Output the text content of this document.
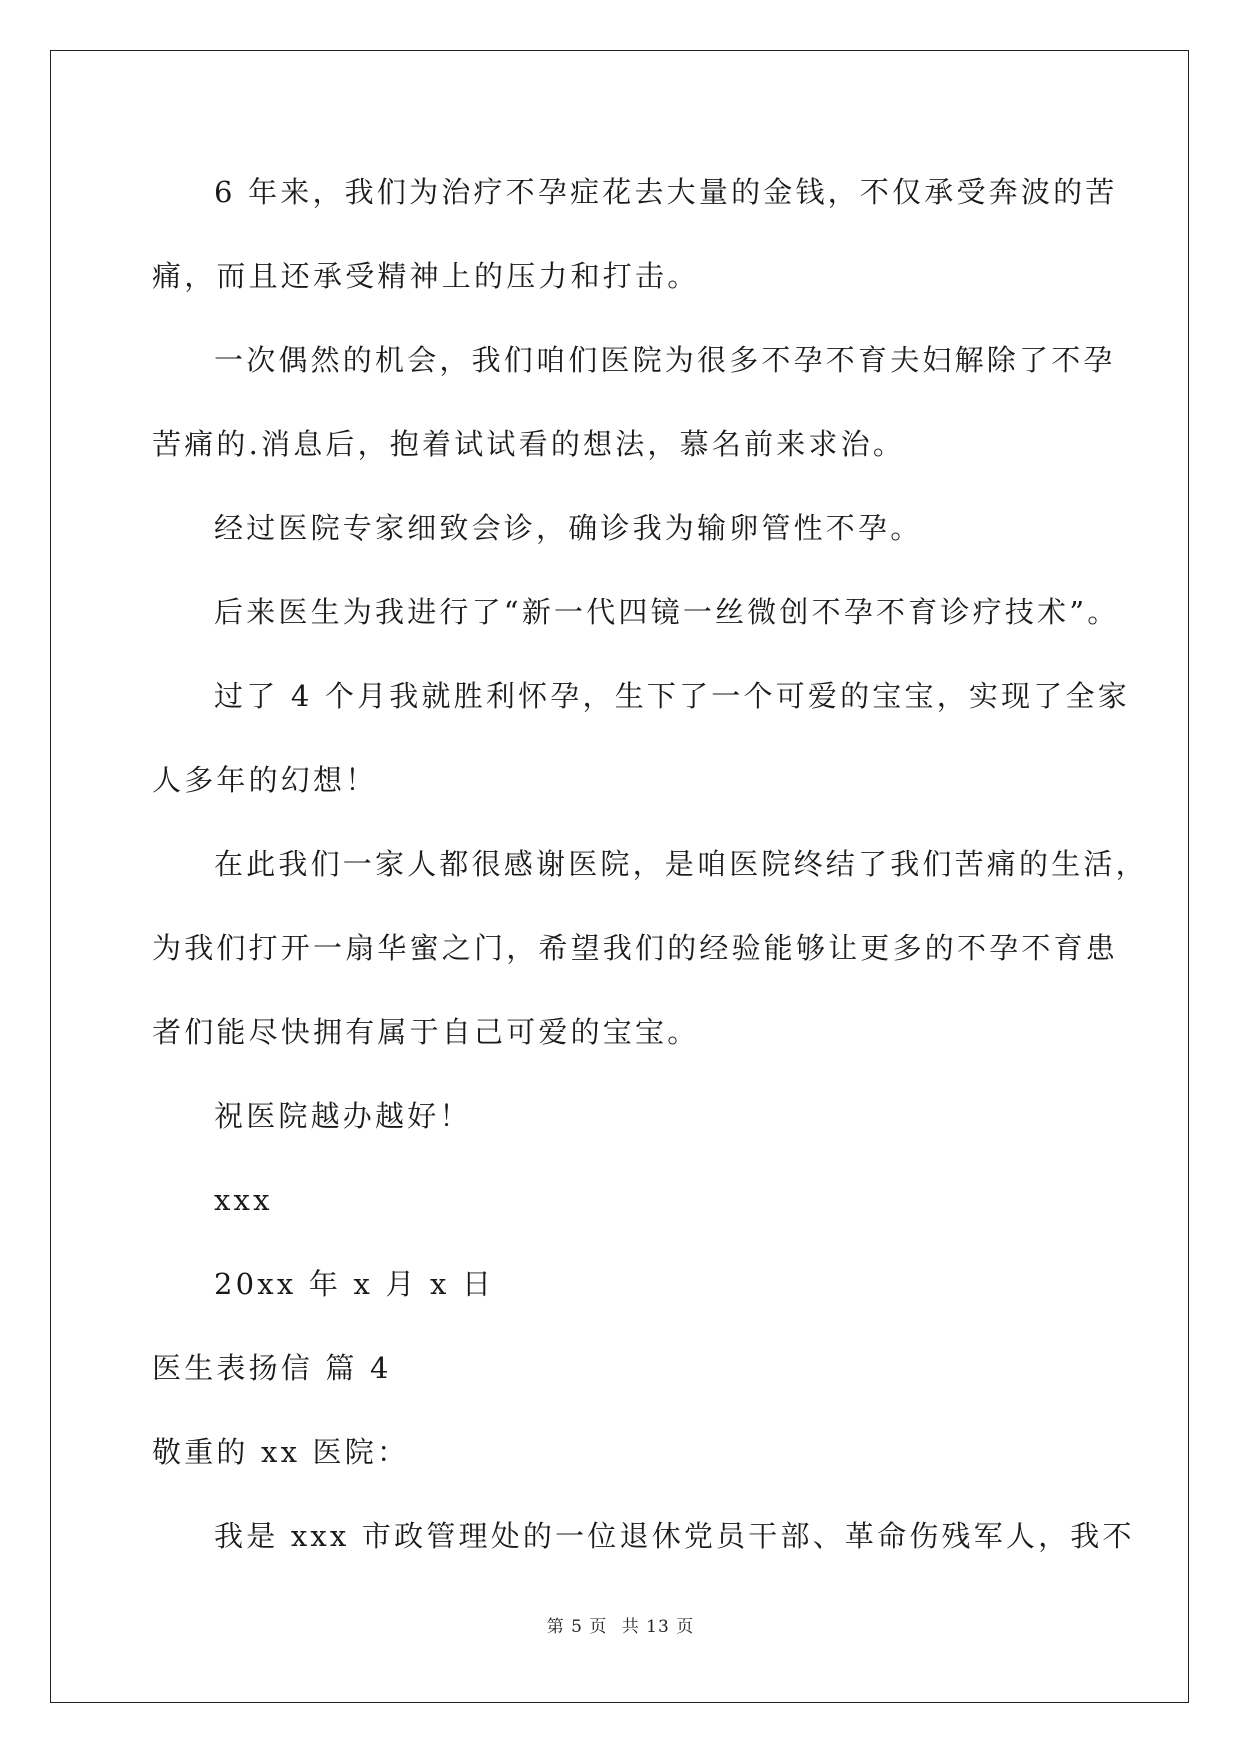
6 年来，我们为治疗不孕症花去大量的金钱，不仅承受奔波的苦
痛，而且还承受精神上的压力和打击。
一次偶然的机会，我们咱们医院为很多不孕不育夫妇解除了不孕
苦痛的.消息后，抱着试试看的想法，慕名前来求治。
经过医院专家细致会诊，确诊我为输卵管性不孕。
后来医生为我进行了“新一代四镜一丝微创不孕不育诊疗技术”。
过了 4 个月我就胜利怀孕，生下了一个可爱的宝宝，实现了全家
人多年的幻想！
在此我们一家人都很感谢医院，是咱医院终结了我们苦痛的生活，
为我们打开一扇华蜜之门，希望我们的经验能够让更多的不孕不育患
者们能尽快拥有属于自己可爱的宝宝。
祝医院越办越好！
xxx
20xx 年 x 月 x 日
医生表扬信 篇 4
敬重的 xx 医院：
我是 xxx 市政管理处的一位退休党员干部、革命伤残军人，我不
第 5 页 共 13 页
